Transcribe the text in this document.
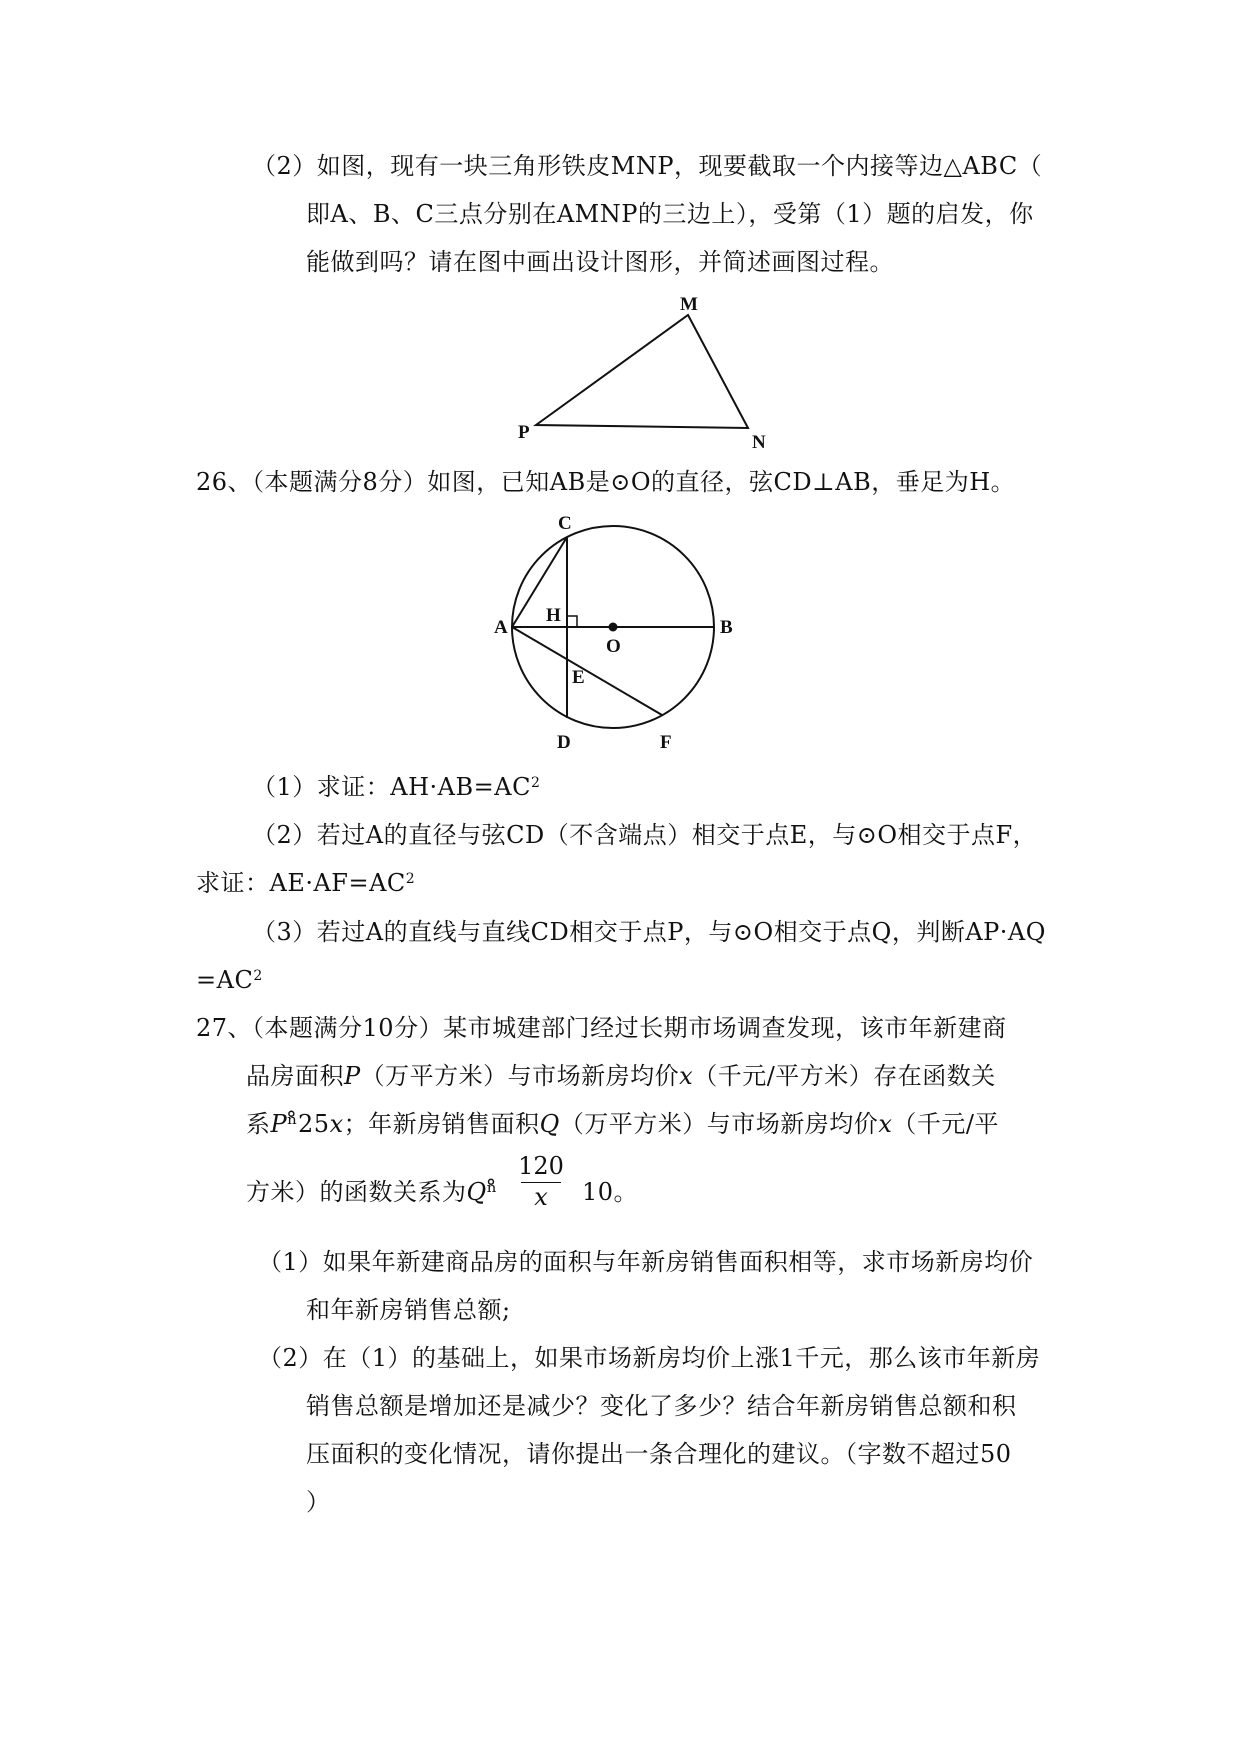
（2）如图，现有一块三角形铁皮MNP，现要截取一个内接等边△ABC（
即A、B、C三点分别在AMNP的三边上），受第（1）题的启发，你
能做到吗？请在图中画出设计图形，并简述画图过程。
M
N
P
26、（本题满分8分）如图，已知AB是⊙O的直径，弦CD⊥AB，垂足为H。
C
A
H
O
B
E
D	F
（1）求证：$AH\cdot AB=AC^2$
（2）若过A的直径与弦CD（不含端点）相交于点E，与⊙O相交于点F，
求证：$AE\cdot AF=AC^2$
（3）若过A的直线与直线CD相交于点P，与⊙O相交于点Q，判断AP·AQ
$=AC^2$
27、（本题满分10分）某市城建部门经过长期市场调查发现，该市年新建商
品房面积P（万平方米）与市场新房均价x（千元/平方米）存在函数关
系Pⁿ̊25x；年新房销售面积Q（万平方米）与市场新房均价x（千元/平
方米）的函数关系为Qⁿ̊
120
x	10。
（1）如果年新建商品房的面积与年新房销售面积相等，求市场新房均价
和年新房销售总额;
（2）在（1）的基础上，如果市场新房均价上涨1千元，那么该市年新房
销售总额是增加还是减少？变化了多少？结合年新房销售总额和积
压面积的变化情况，请你提出一条合理化的建议。（字数不超过50
）
